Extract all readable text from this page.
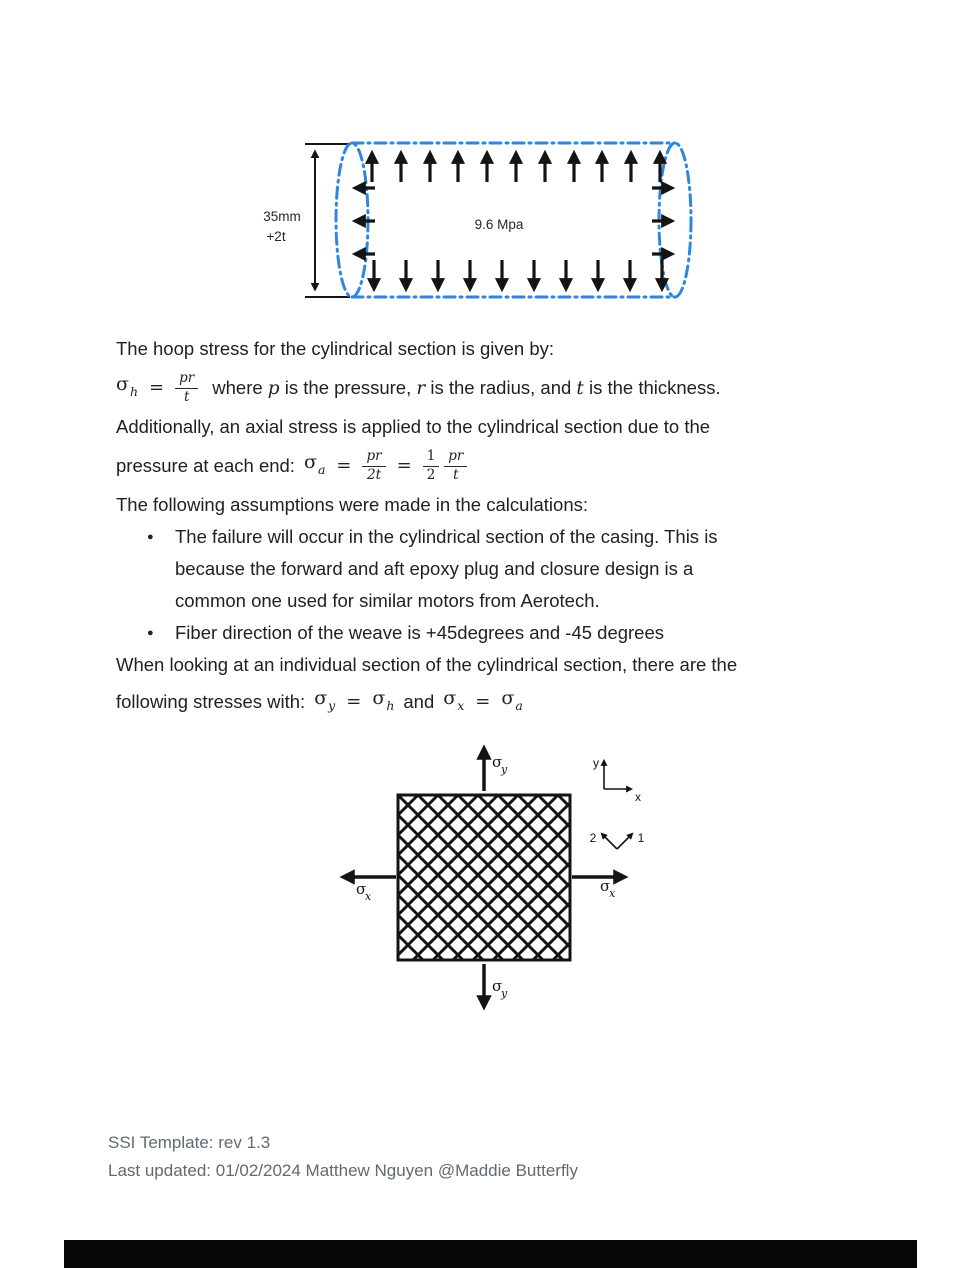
35mm
+2t
9.6 Mpa
The hoop stress for the cylindrical section is given by:
$\sigma_h = \frac{pr}{t}$ where p is the pressure, r is the radius, and t is the thickness.
Additionally, an axial stress is applied to the cylindrical section due to the
pressure at each end: $\sigma_a = \frac{pr}{2t} = \frac{1}{2} \frac{pr}{t}$
The following assumptions were made in the calculations:
● The failure will occur in the cylindrical section of the casing. This is
because the forward and aft epoxy plug and closure design is a
common one used for similar motors from Aerotech.
● Fiber direction of the weave is +45degrees and -45 degrees
When looking at an individual section of the cylindrical section, there are the
following stresses with: $\sigma_y = \sigma_h$ and $\sigma_x = \sigma_a$
σ
y
σ
y
σ
x
σ
x
y
x
2	1
SSI Template: rev 1.3
Last updated: 01/02/2024 Matthew Nguyen @Maddie Butterfly
